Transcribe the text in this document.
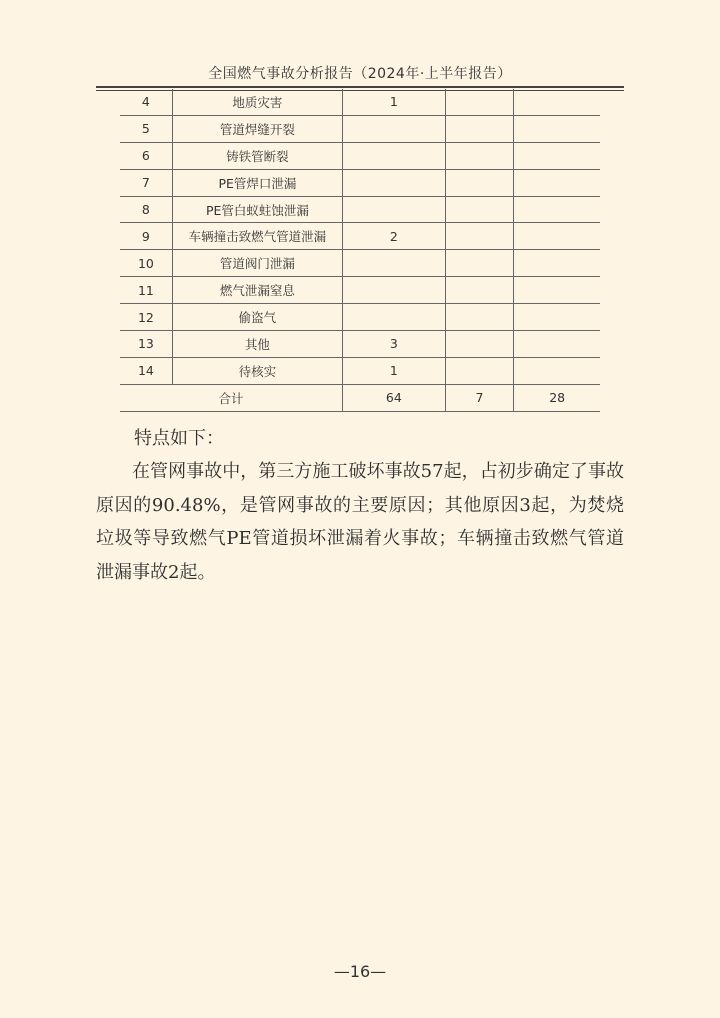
全国燃气事故分析报告（2024年·上半年报告）
4	地质灾害	1		
5	管道焊缝开裂			
6	铸铁管断裂			
7	PE管焊口泄漏			
8	PE管白蚁蛀蚀泄漏			
9	车辆撞击致燃气管道泄漏	2		
10	管道阀门泄漏			
11	燃气泄漏窒息			
12	偷盗气			
13	其他	3		
14	待核实	1		
合计		64	7	28
特点如下：
在管网事故中，第三方施工破坏事故57起，占初步确定了事故原因的90.48%，是管网事故的主要原因；其他原因3起，为焚烧垃圾等导致燃气PE管道损坏泄漏着火事故；车辆撞击致燃气管道泄漏事故2起。
—16—
